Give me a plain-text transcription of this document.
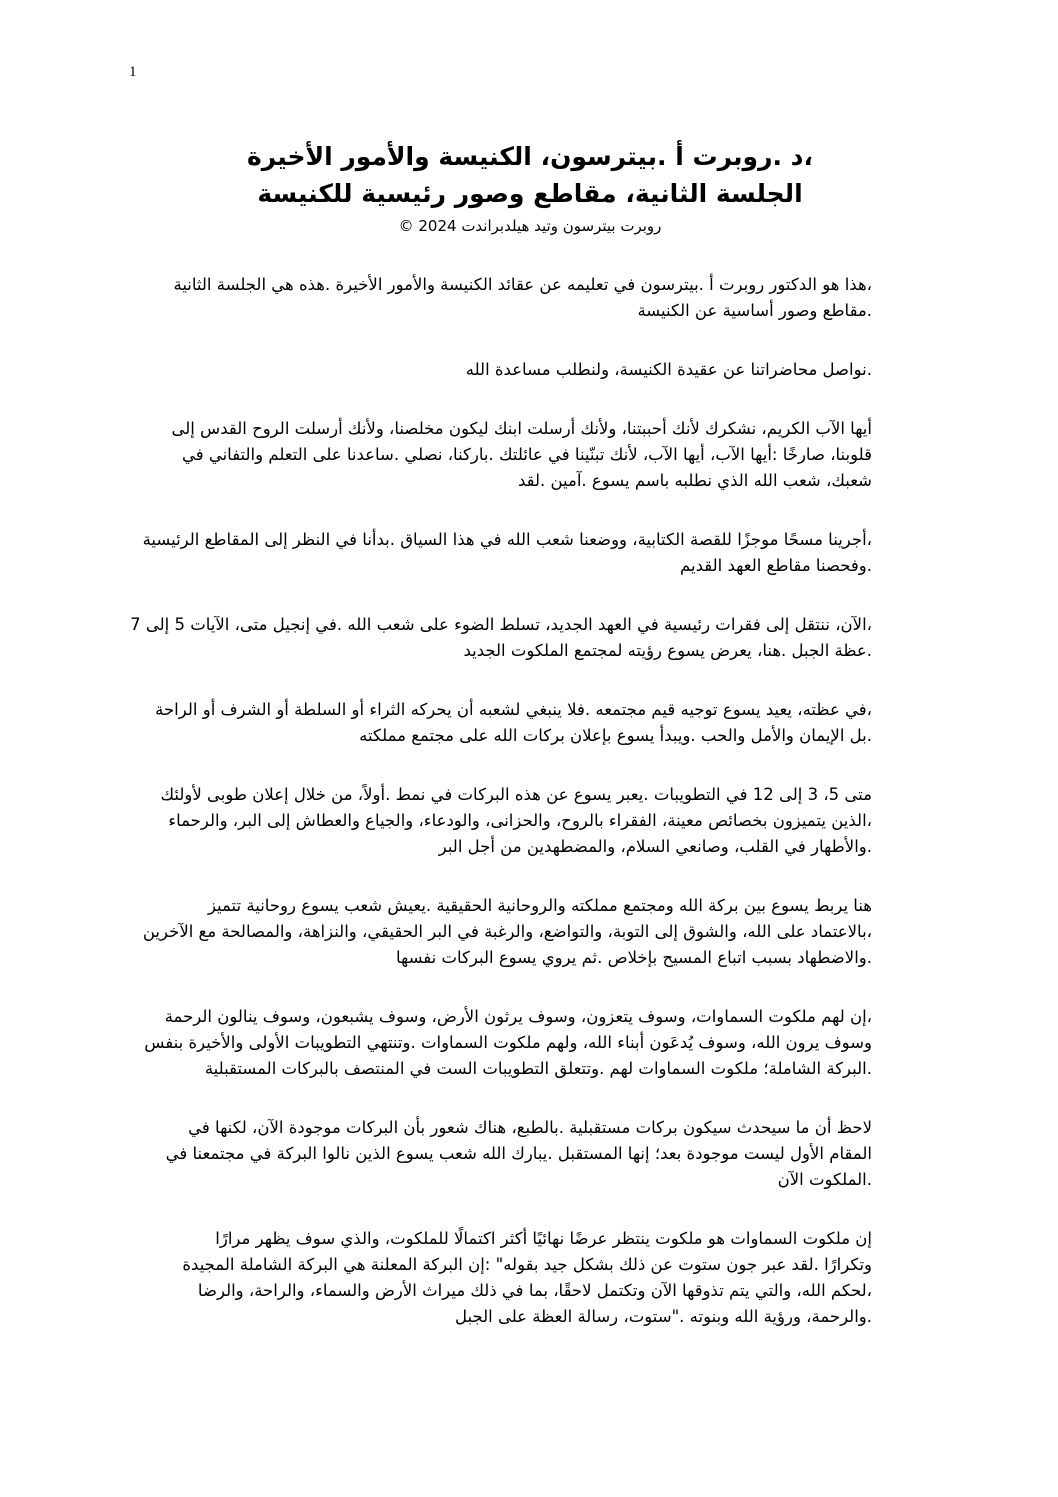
1
،د .روبرت أ .بيترسون، الكنيسة والأمور الأخيرة
الجلسة الثانية، مقاطع وصور رئيسية للكنيسة
روبرت بيترسون وتيد هيلدبراندت 2024 ©
،هذا هو الدكتور روبرت أ .بيترسون في تعليمه عن عقائد الكنيسة والأمور الأخيرة .هذه هي الجلسة الثانية
.مقاطع وصور أساسية عن الكنيسة
.نواصل محاضراتنا عن عقيدة الكنيسة، ولنطلب مساعدة الله
أيها الآب الكريم، نشكرك لأنك أحببتنا، ولأنك أرسلت ابنك ليكون مخلصنا، ولأنك أرسلت الروح القدس إلى
قلوبنا، صارخًا :أيها الآب، أيها الآب، لأنك تبنّينا في عائلتك .باركنا، نصلي .ساعدنا على التعلم والتفاني في
شعبك، شعب الله الذي نطلبه باسم يسوع .آمين .لقد
،أجرينا مسحًا موجزًا للقصة الكتابية، ووضعنا شعب الله في هذا السياق .بدأنا في النظر إلى المقاطع الرئيسية
.وفحصنا مقاطع العهد القديم
،الآن، ننتقل إلى فقرات رئيسية في العهد الجديد، تسلط الضوء على شعب الله .في إنجيل متى، الآيات 5 إلى 7
.عظة الجبل .هنا، يعرض يسوع رؤيته لمجتمع الملكوت الجديد
،في عظته، يعيد يسوع توجيه قيم مجتمعه .فلا ينبغي لشعبه أن يحركه الثراء أو السلطة أو الشرف أو الراحة
.بل الإيمان والأمل والحب .ويبدأ يسوع بإعلان بركات الله على مجتمع مملكته
متى 5، 3 إلى 12 في التطويبات .يعبر يسوع عن هذه البركات في نمط .أولاً، من خلال إعلان طوبى لأولئك
،الذين يتميزون بخصائص معينة، الفقراء بالروح، والحزانى، والودعاء، والجياع والعطاش إلى البر، والرحماء
.والأطهار في القلب، وصانعي السلام، والمضطهدين من أجل البر
هنا يربط يسوع بين بركة الله ومجتمع مملكته والروحانية الحقيقية .يعيش شعب يسوع روحانية تتميز
،بالاعتماد على الله، والشوق إلى التوبة، والتواضع، والرغبة في البر الحقيقي، والنزاهة، والمصالحة مع الآخرين
.والاضطهاد بسبب اتباع المسيح بإخلاص .ثم يروي يسوع البركات نفسها
،إن لهم ملكوت السماوات، وسوف يتعزون، وسوف يرثون الأرض، وسوف يشبعون، وسوف ينالون الرحمة
وسوف يرون الله، وسوف يُدعَون أبناء الله، ولهم ملكوت السماوات .وتنتهي التطويبات الأولى والأخيرة بنفس
.البركة الشاملة؛ ملكوت السماوات لهم .وتتعلق التطويبات الست في المنتصف بالبركات المستقبلية
لاحظ أن ما سيحدث سيكون بركات مستقبلية .بالطبع، هناك شعور بأن البركات موجودة الآن، لكنها في
المقام الأول ليست موجودة بعد؛ إنها المستقبل .يبارك الله شعب يسوع الذين نالوا البركة في مجتمعنا في
.الملكوت الآن
إن ملكوت السماوات هو ملكوت ينتظر عرضًا نهائيًا أكثر اكتمالًا للملكوت، والذي سوف يظهر مرارًا
وتكرارًا .لقد عبر جون ستوت عن ذلك بشكل جيد بقوله" :إن البركة المعلنة هي البركة الشاملة المجيدة
،لحكم الله، والتي يتم تذوقها الآن وتكتمل لاحقًا، بما في ذلك ميراث الأرض والسماء، والراحة، والرضا
.والرحمة، ورؤية الله وبنوته ."ستوت، رسالة العظة على الجبل
